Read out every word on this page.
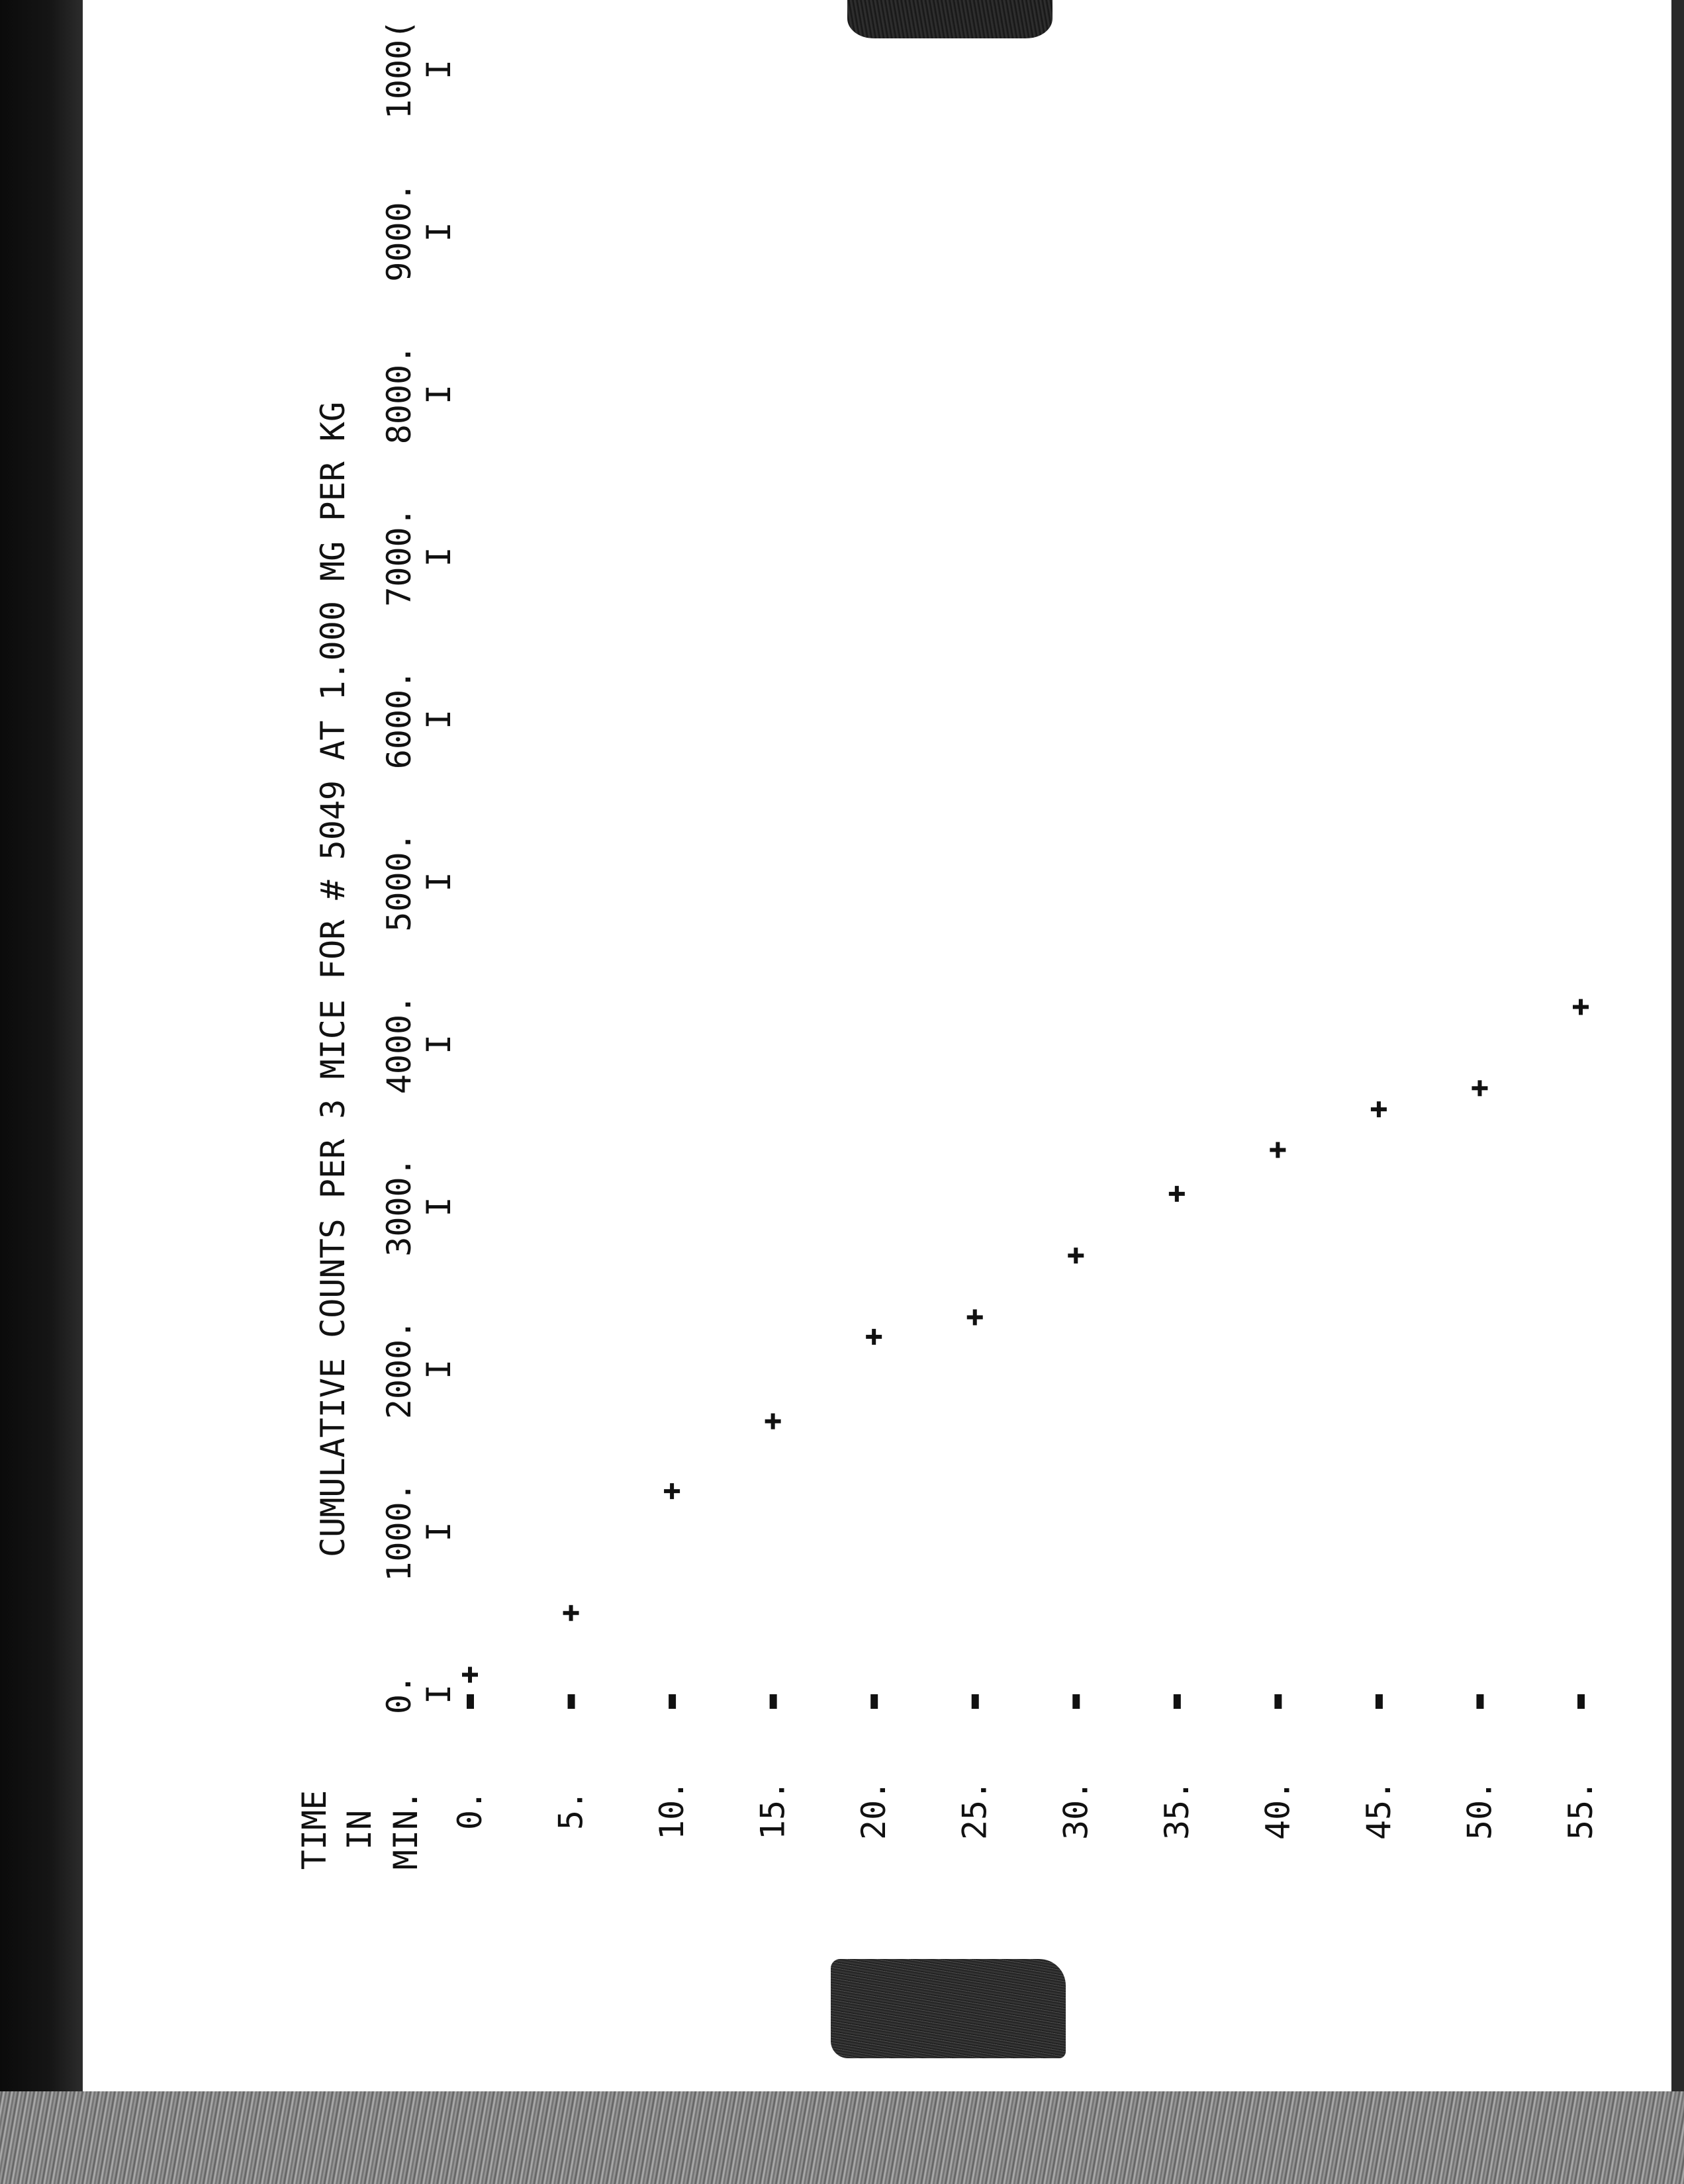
CUMULATIVE COUNTS PER 3 MICE FOR # 5049 AT 1.000 MG PER KG
TIME IN MIN.
I
0.
I
1000.
I
2000.
I
3000.
I
4000.
I
5000.
I
6000.
I
7000.
I
8000.
I
9000.
I
1000(
0. 5. 10. 15. 20. 25. 30. 35. 40. 45. 50. 55.
